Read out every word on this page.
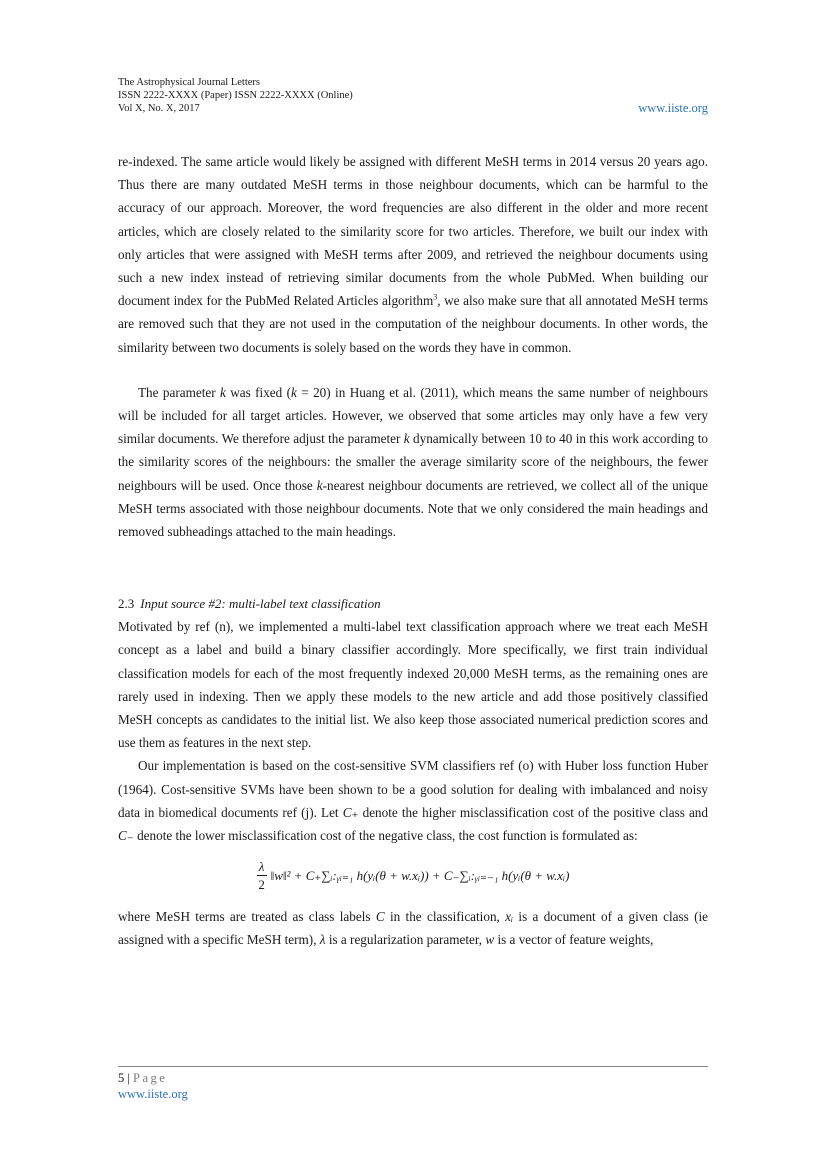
The Astrophysical Journal Letters
ISSN 2222-XXXX (Paper) ISSN 2222-XXXX (Online)
Vol X, No. X, 2017	www.iiste.org

re-indexed. The same article would likely be assigned with different MeSH terms in 2014 versus 20 years ago. Thus there are many outdated MeSH terms in those neighbour documents, which can be harmful to the accuracy of our approach. Moreover, the word frequencies are also different in the older and more recent articles, which are closely related to the similarity score for two articles. Therefore, we built our index with only articles that were assigned with MeSH terms after 2009, and retrieved the neighbour documents using such a new index instead of retrieving similar documents from the whole PubMed. When building our document index for the PubMed Related Articles algorithm$^3$, we also make sure that all annotated MeSH terms are removed such that they are not used in the computation of the neighbour documents. In other words, the similarity between two documents is solely based on the words they have in common.

The parameter k was fixed (k = 20) in Huang et al. (2011), which means the same number of neighbours will be included for all target articles. However, we observed that some articles may only have a few very similar documents. We therefore adjust the parameter k dynamically between 10 to 40 in this work according to the similarity scores of the neighbours: the smaller the average similarity score of the neighbours, the fewer neighbours will be used. Once those k-nearest neighbour documents are retrieved, we collect all of the unique MeSH terms associated with those neighbour documents. Note that we only considered the main headings and removed subheadings attached to the main headings.

2.3 Input source #2: multi-label text classification

Motivated by ref (n), we implemented a multi-label text classification approach where we treat each MeSH concept as a label and build a binary classifier accordingly. More specifically, we first train individual classification models for each of the most frequently indexed 20,000 MeSH terms, as the remaining ones are rarely used in indexing. Then we apply these models to the new article and add those positively classified MeSH concepts as candidates to the initial list. We also keep those associated numerical prediction scores and use them as features in the next step.

Our implementation is based on the cost-sensitive SVM classifiers ref (o) with Huber loss function Huber (1964). Cost-sensitive SVMs have been shown to be a good solution for dealing with imbalanced and noisy data in biomedical documents ref (j). Let C₊ denote the higher misclassification cost of the positive class and C₋ denote the lower misclassification cost of the negative class, the cost function is formulated as:

$\frac{\lambda}{2}$ ‖w‖² + C₊∑ᵢ:ᵧᵢ₌₁ h(yᵢ(θ + w.xᵢ)) + C₋∑ᵢ:ᵧᵢ₌₋₁ h(yᵢ(θ + w.xᵢ)

where MeSH terms are treated as class labels C in the classification, xᵢ is a document of a given class (ie assigned with a specific MeSH term), λ is a regularization parameter, w is a vector of feature weights,

5 | Page
www.iiste.org
